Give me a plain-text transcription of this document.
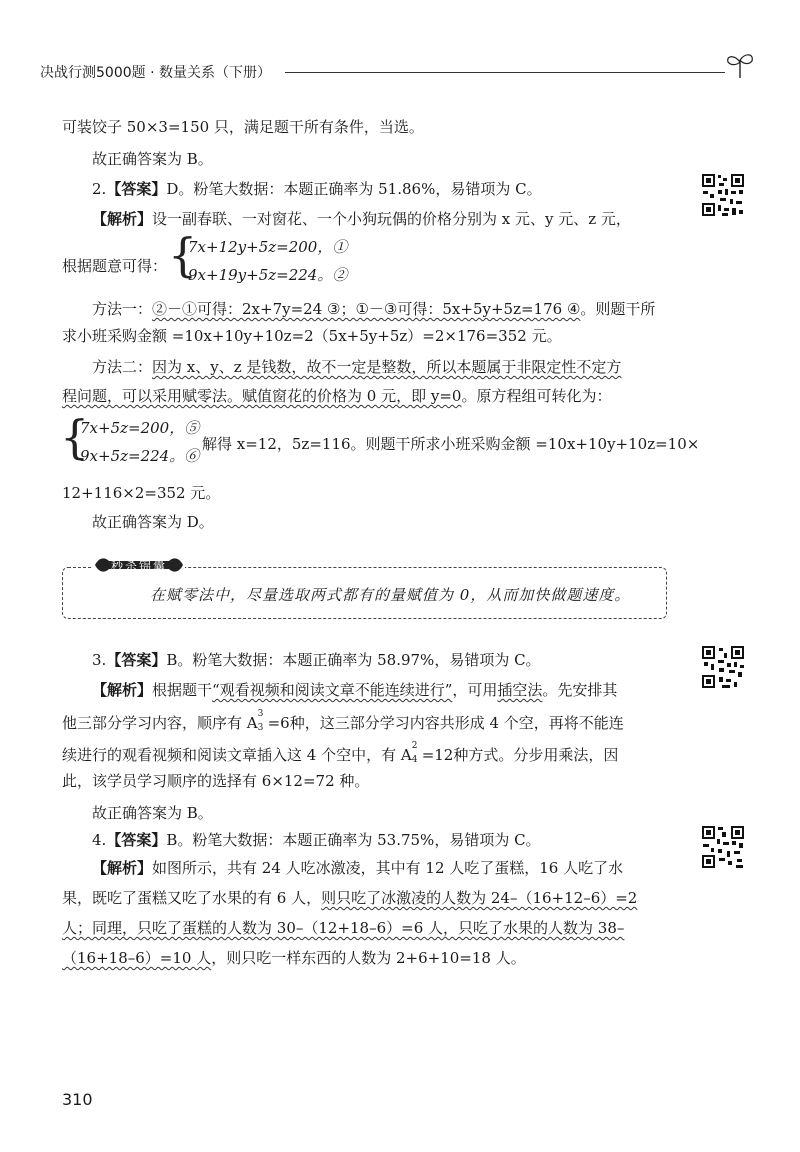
决战行测5000题 · 数量关系（下册）
可装饺子 50×3=150 只，满足题干所有条件，当选。
故正确答案为 B。
2.【答案】D。粉笔大数据：本题正确率为 51.86%，易错项为 C。
【解析】设一副春联、一对窗花、一个小狗玩偶的价格分别为 x 元、y 元、z 元，
根据题意可得： {
7x+12y+5z=200，①
9x+19y+5z=224。②
方法一：②－①可得：2x+7y=24 ③；①－③可得：5x+5y+5z=176 ④。则题干所
求小班采购金额 =10x+10y+10z=2（5x+5y+5z）=2×176=352 元。
方法二：因为 x、y、z 是钱数，故不一定是整数，所以本题属于非限定性不定方
程问题，可以采用赋零法。赋值窗花的价格为 0 元，即 y=0。原方程组可转化为：
{
7x+5z=200，⑤
9x+5z=224。⑥
解得 x=12，5z=116。则题干所求小班采购金额 =10x+10y+10z=10×
12+116×2=352 元。
故正确答案为 D。
秒杀锦囊
在赋零法中，尽量选取两式都有的量赋值为 0，从而加快做题速度。
3.【答案】B。粉笔大数据：本题正确率为 58.97%，易错项为 C。
【解析】根据题干“观看视频和阅读文章不能连续进行”，可用插空法。先安排其
他三部分学习内容，顺序有 A 3
3 =6种，这三部分学习内容共形成 4 个空，再将不能连
续进行的观看视频和阅读文章插入这 4 个空中，有 A 2
4 =12种方式。分步用乘法，因
此，该学员学习顺序的选择有 6×12=72 种。
故正确答案为 B。
4.【答案】B。粉笔大数据：本题正确率为 53.75%，易错项为 C。
【解析】如图所示，共有 24 人吃冰激凌，其中有 12 人吃了蛋糕，16 人吃了水
果，既吃了蛋糕又吃了水果的有 6 人，则只吃了冰激凌的人数为 24–（16+12–6）=2
人；同理，只吃了蛋糕的人数为 30–（12+18–6）=6 人，只吃了水果的人数为 38–
（16+18–6）=10 人，则只吃一样东西的人数为 2+6+10=18 人。
310
